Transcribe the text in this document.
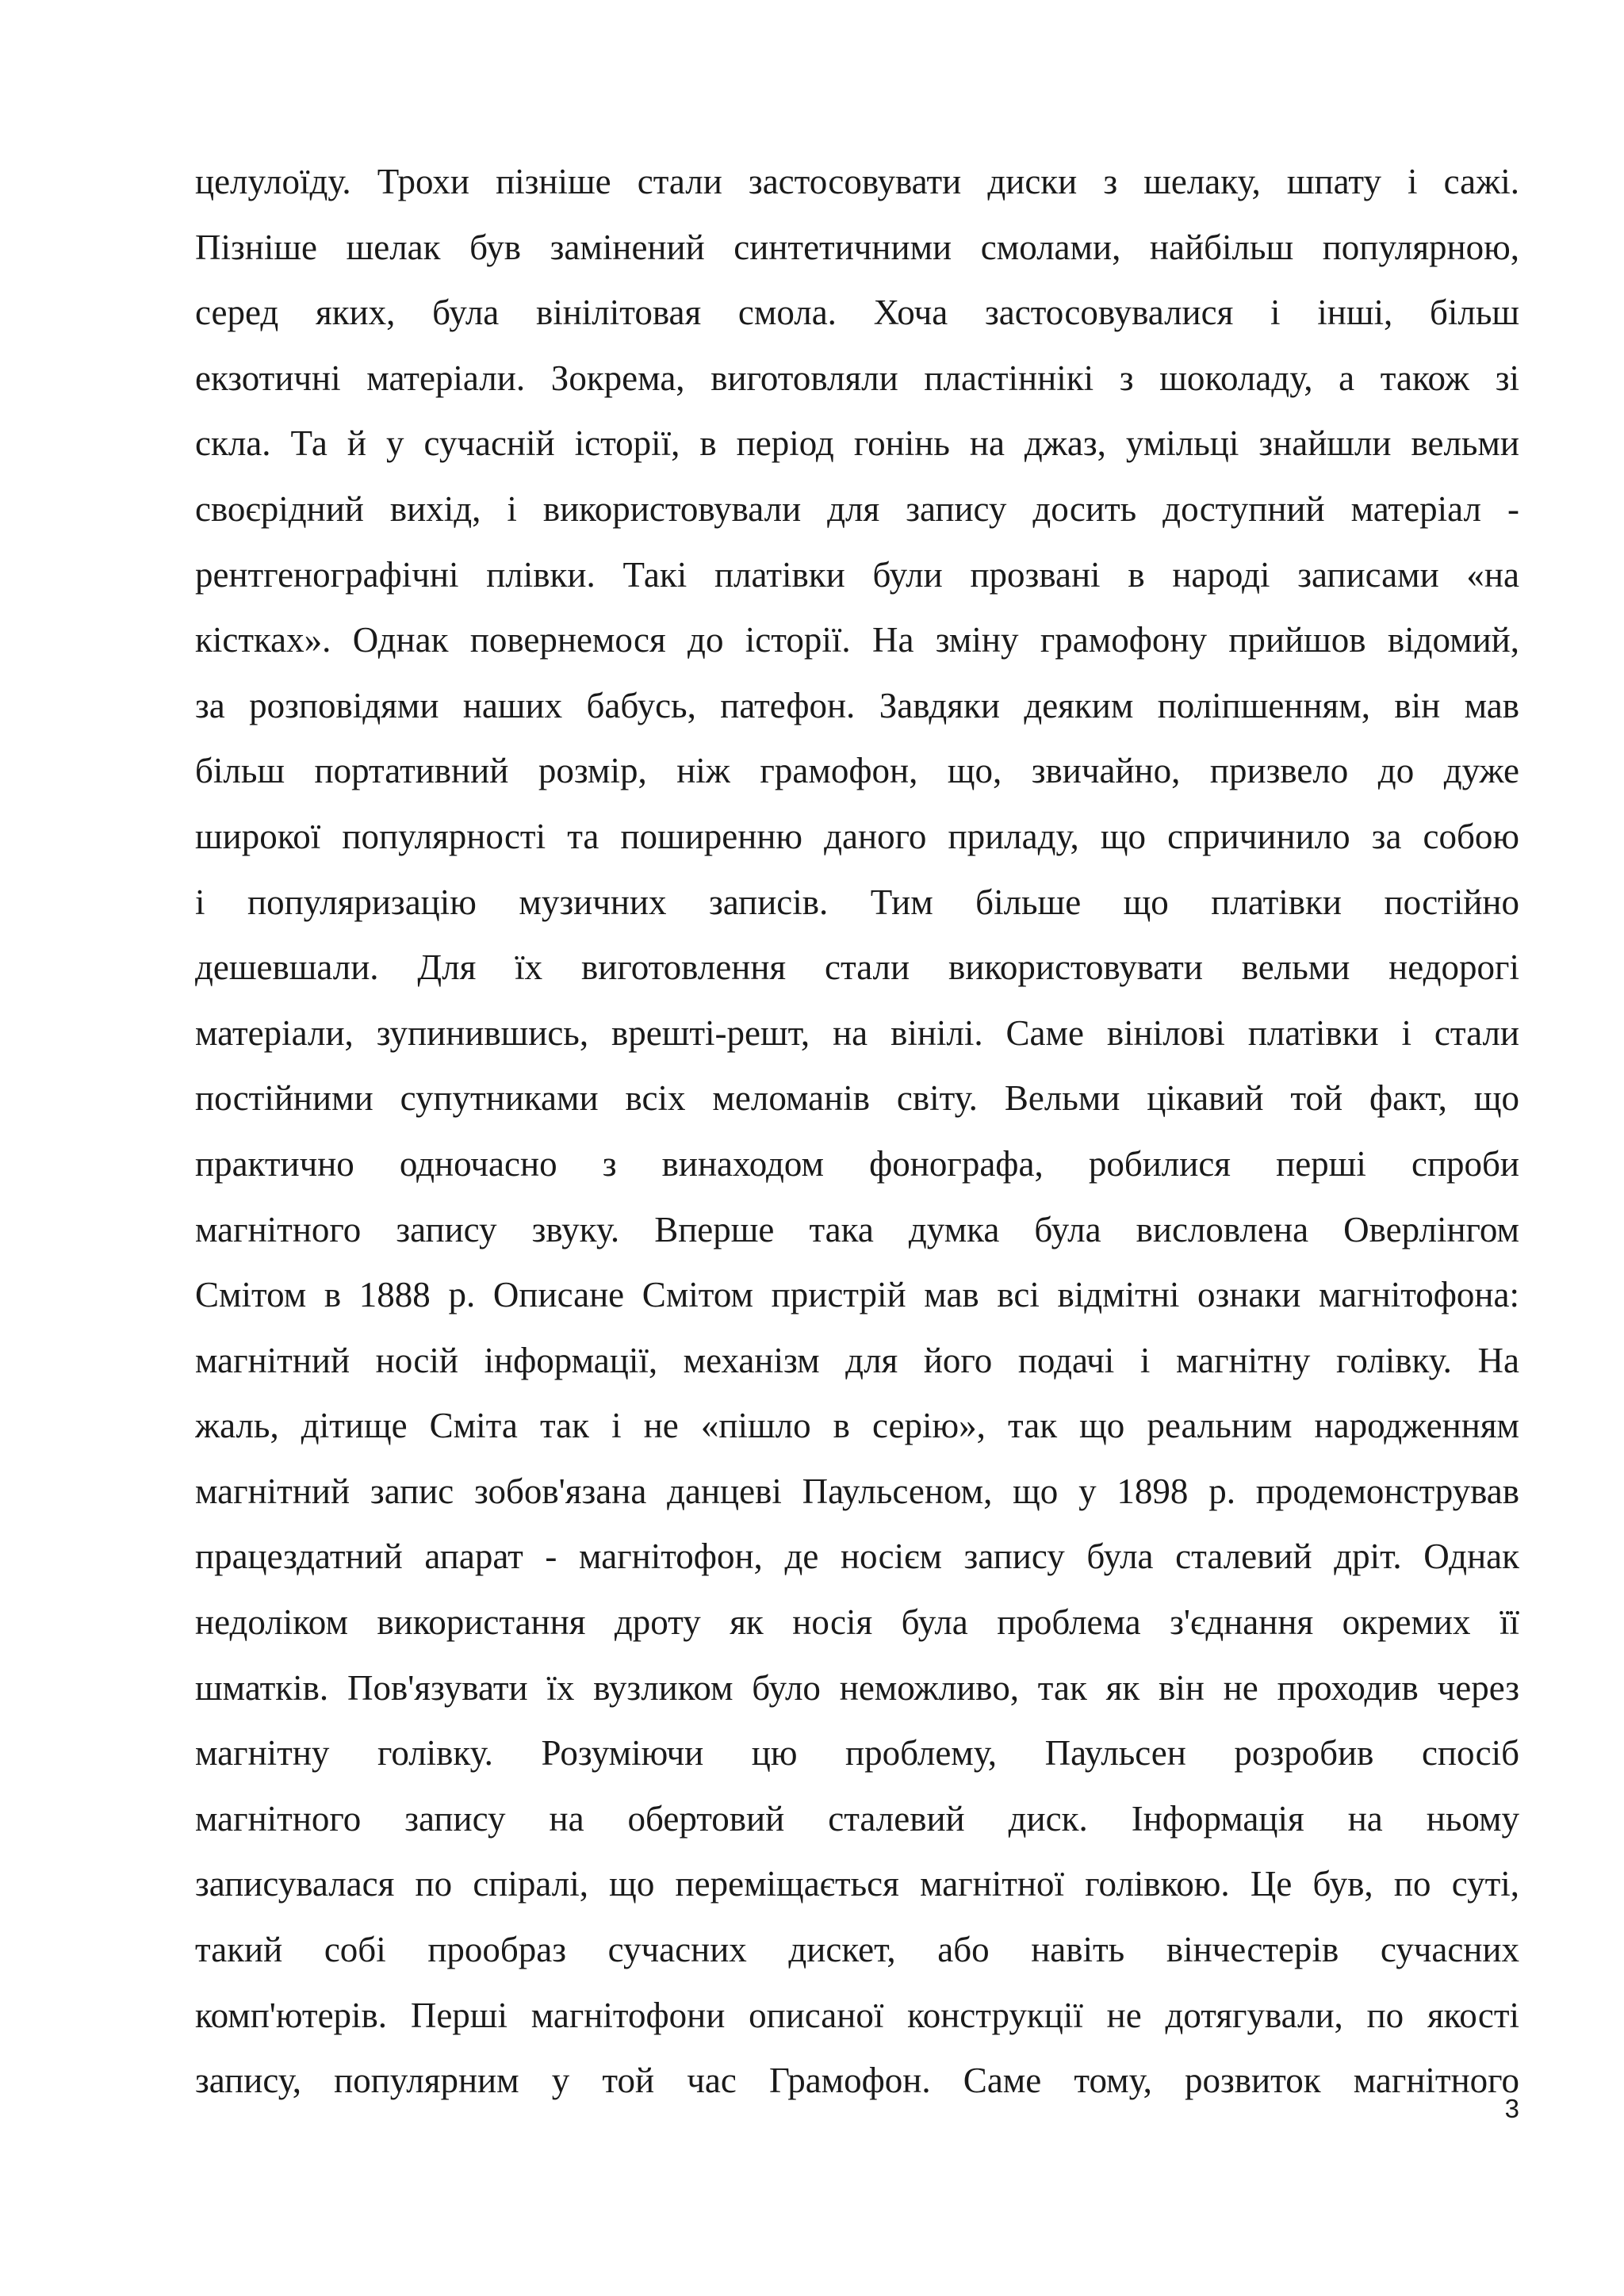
целулоїду. Трохи пізніше стали застосовувати диски з шелаку, шпату і сажі.
Пізніше шелак був замінений синтетичними смолами, найбільш популярною,
серед яких, була вінілітовая смола. Хоча застосовувалися і інші, більш
екзотичні матеріали. Зокрема, виготовляли пластіннікі з шоколаду, а також зі
скла. Та й у сучасній історії, в період гонінь на джаз, умільці знайшли вельми
своєрідний вихід, і використовували для запису досить доступний матеріал -
рентгенографічні плівки. Такі платівки були прозвані в народі записами «на
кістках». Однак повернемося до історії. На зміну грамофону прийшов відомий,
за розповідями наших бабусь, патефон. Завдяки деяким поліпшенням, він мав
більш портативний розмір, ніж грамофон, що, звичайно, призвело до дуже
широкої популярності та поширенню даного приладу, що спричинило за собою
і популяризацію музичних записів. Тим більше що платівки постійно
дешевшали. Для їх виготовлення стали використовувати вельми недорогі
матеріали, зупинившись, врешті-решт, на вінілі. Саме вінілові платівки і стали
постійними супутниками всіх меломанів світу. Вельми цікавий той факт, що
практично одночасно з винаходом фонографа, робилися перші спроби
магнітного запису звуку. Вперше така думка була висловлена Оверлінгом
Смітом в 1888 р. Описане Смітом пристрій мав всі відмітні ознаки магнітофона:
магнітний носій інформації, механізм для його подачі і магнітну голівку. На
жаль, дітище Сміта так і не «пішло в серію», так що реальним народженням
магнітний запис зобов'язана данцеві Паульсеном, що у 1898 р. продемонстрував
працездатний апарат - магнітофон, де носієм запису була сталевий дріт. Однак
недоліком використання дроту як носія була проблема з'єднання окремих її
шматків. Пов'язувати їх вузликом було неможливо, так як він не проходив через
магнітну голівку. Розуміючи цю проблему, Паульсен розробив спосіб
магнітного запису на обертовий сталевий диск. Інформація на ньому
записувалася по спіралі, що переміщається магнітної голівкою. Це був, по суті,
такий собі прообраз сучасних дискет, або навіть вінчестерів сучасних
комп'ютерів. Перші магнітофони описаної конструкції не дотягували, по якості
запису, популярним у той час Грамофон. Саме тому, розвиток магнітного
3
